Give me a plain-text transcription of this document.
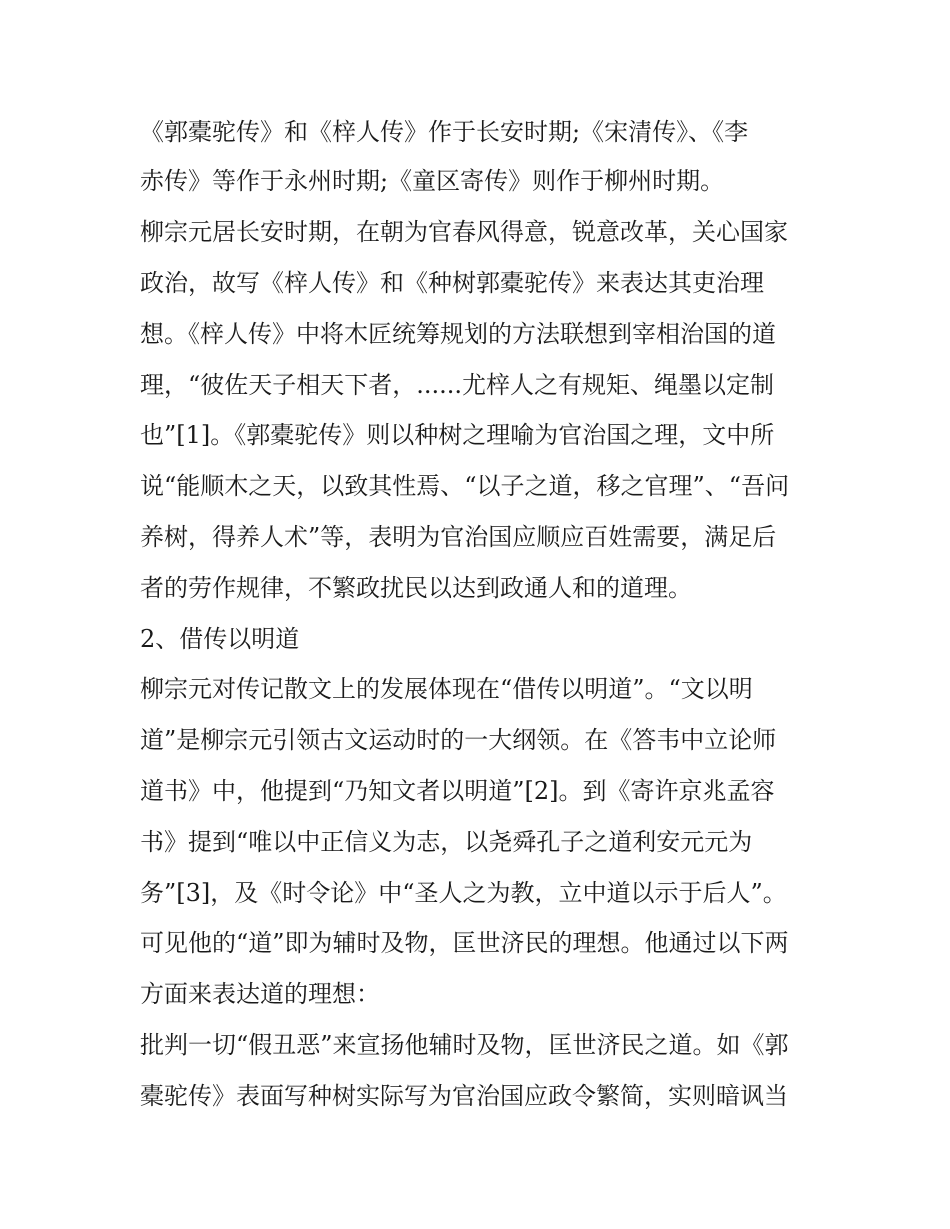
《郭橐驼传》和《梓人传》作于长安时期;《宋清传》、《李
赤传》等作于永州时期;《童区寄传》则作于柳州时期。
柳宗元居长安时期，在朝为官春风得意，锐意改革，关心国家
政治，故写《梓人传》和《种树郭橐驼传》来表达其吏治理
想。《梓人传》中将木匠统筹规划的方法联想到宰相治国的道
理，“彼佐天子相天下者，......尤梓人之有规矩、绳墨以定制
也”[1]。《郭橐驼传》则以种树之理喻为官治国之理，文中所
说“能顺木之天，以致其性焉、“以子之道，移之官理”、“吾问
养树，得养人术”等，表明为官治国应顺应百姓需要，满足后
者的劳作规律，不繁政扰民以达到政通人和的道理。
2、借传以明道
柳宗元对传记散文上的发展体现在“借传以明道”。“文以明
道”是柳宗元引领古文运动时的一大纲领。在《答韦中立论师
道书》中，他提到“乃知文者以明道”[2]。到《寄许京兆孟容
书》提到“唯以中正信义为志，以尧舜孔子之道利安元元为
务”[3]，及《时令论》中“圣人之为教，立中道以示于后人”。
可见他的“道”即为辅时及物，匡世济民的理想。他通过以下两
方面来表达道的理想：
批判一切“假丑恶”来宣扬他辅时及物，匡世济民之道。如《郭
橐驼传》表面写种树实际写为官治国应政令繁简，实则暗讽当
